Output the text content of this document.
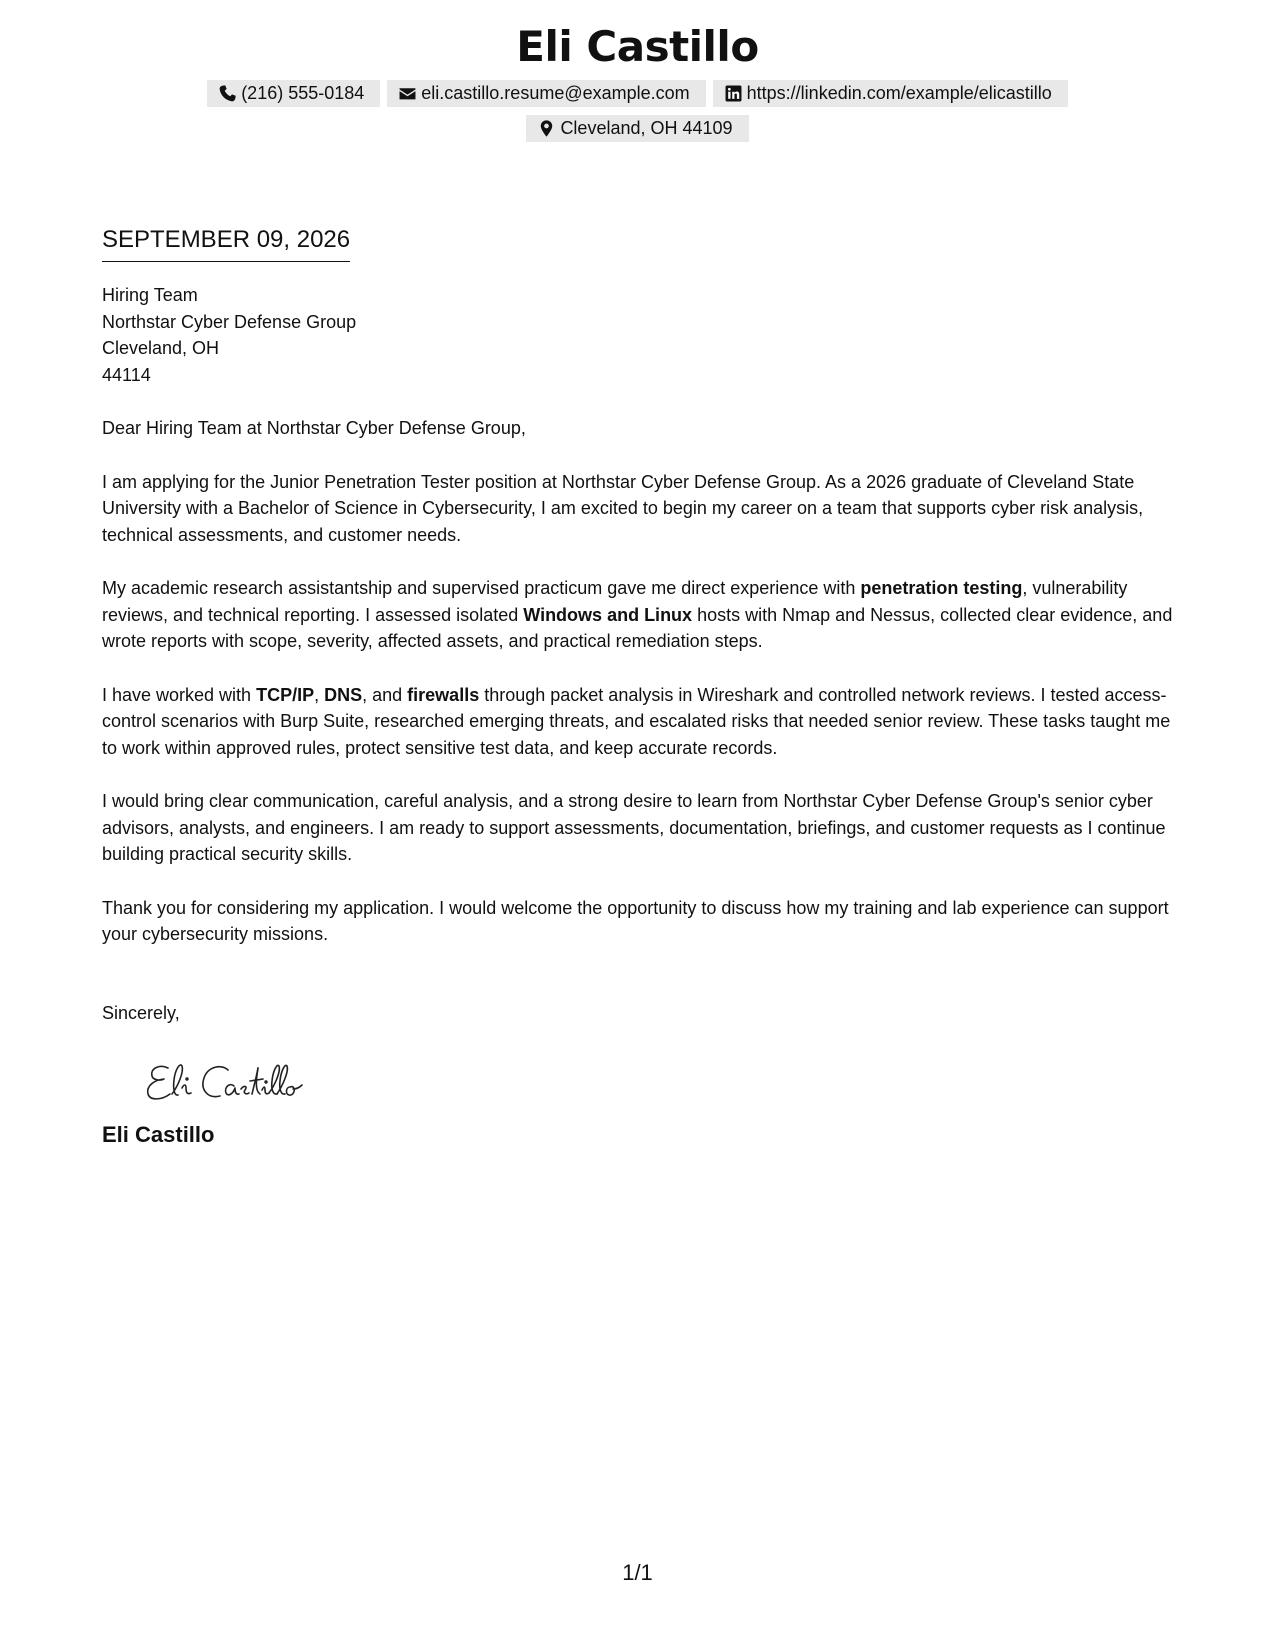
Eli Castillo
(216) 555-0184	eli.castillo.resume@example.com	https://linkedin.com/example/elicastillo
Cleveland, OH 44109
SEPTEMBER 09, 2026
Hiring Team
Northstar Cyber Defense Group
Cleveland, OH
44114
Dear Hiring Team at Northstar Cyber Defense Group,

I am applying for the Junior Penetration Tester position at Northstar Cyber Defense Group. As a 2026 graduate of Cleveland State University with a Bachelor of Science in Cybersecurity, I am excited to begin my career on a team that supports cyber risk analysis, technical assessments, and customer needs.

My academic research assistantship and supervised practicum gave me direct experience with penetration testing, vulnerability reviews, and technical reporting. I assessed isolated Windows and Linux hosts with Nmap and Nessus, collected clear evidence, and wrote reports with scope, severity, affected assets, and practical remediation steps.

I have worked with TCP/IP, DNS, and firewalls through packet analysis in Wireshark and controlled network reviews. I tested access-control scenarios with Burp Suite, researched emerging threats, and escalated risks that needed senior review. These tasks taught me to work within approved rules, protect sensitive test data, and keep accurate records.

I would bring clear communication, careful analysis, and a strong desire to learn from Northstar Cyber Defense Group's senior cyber advisors, analysts, and engineers. I am ready to support assessments, documentation, briefings, and customer requests as I continue building practical security skills.

Thank you for considering my application. I would welcome the opportunity to discuss how my training and lab experience can support your cybersecurity missions.

Sincerely,
Eli Castillo
1/1
